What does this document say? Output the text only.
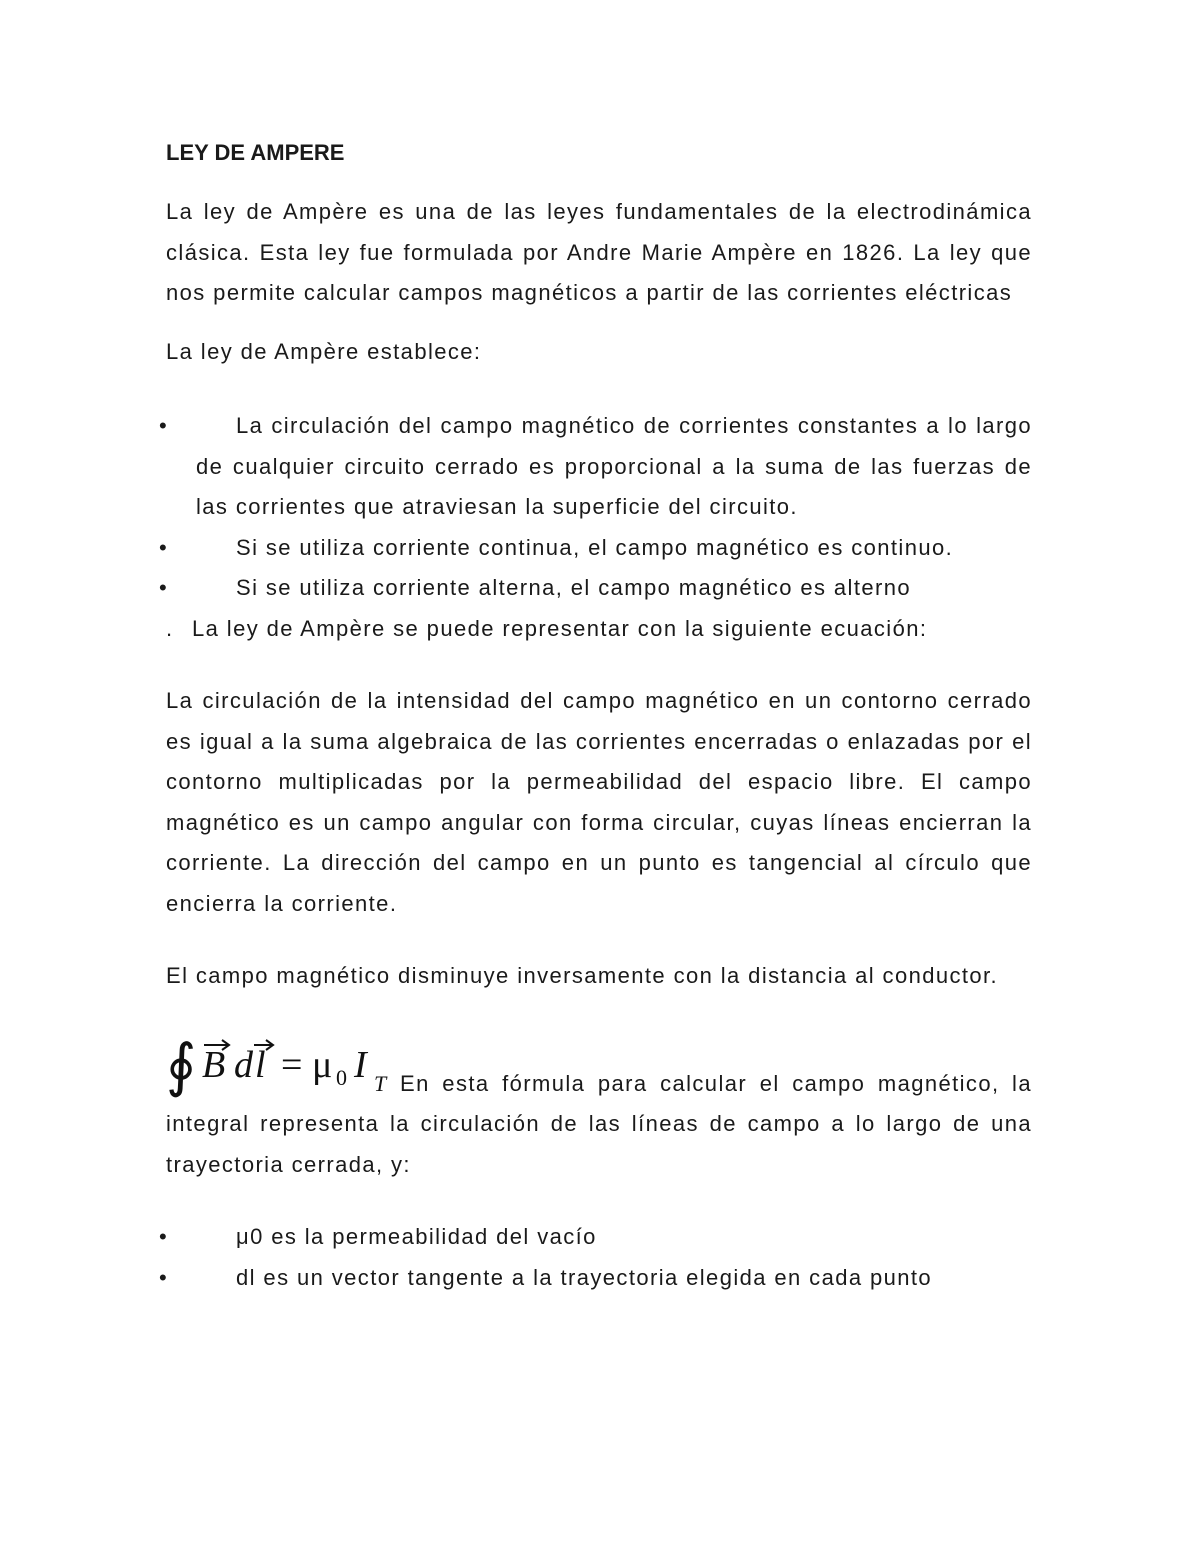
LEY DE AMPERE

La ley de Ampère es una de las leyes fundamentales de la electrodinámica clásica. Esta ley fue formulada por Andre Marie Ampère en 1826. La ley que nos permite calcular campos magnéticos a partir de las corrientes eléctricas

La ley de Ampère establece:

•	La circulación del campo magnético de corrientes constantes a lo largo de cualquier circuito cerrado es proporcional a la suma de las fuerzas de las corrientes que atraviesan la superficie del circuito.
•	Si se utiliza corriente continua, el campo magnético es continuo.
•	Si se utiliza corriente alterna, el campo magnético es alterno

. La ley de Ampère se puede representar con la siguiente ecuación:

La circulación de la intensidad del campo magnético en un contorno cerrado es igual a la suma algebraica de las corrientes encerradas o enlazadas por el contorno multiplicadas por la permeabilidad del espacio libre. El campo magnético es un campo angular con forma circular, cuyas líneas encierran la corriente. La dirección del campo en un punto es tangencial al círculo que encierra la corriente.

El campo magnético disminuye inversamente con la distancia al conductor.

∮ B d l = μ 0 I T En esta fórmula para calcular el campo magnético, la integral representa la circulación de las líneas de campo a lo largo de una trayectoria cerrada, y:

•	μ0 es la permeabilidad del vacío
•	dl es un vector tangente a la trayectoria elegida en cada punto
